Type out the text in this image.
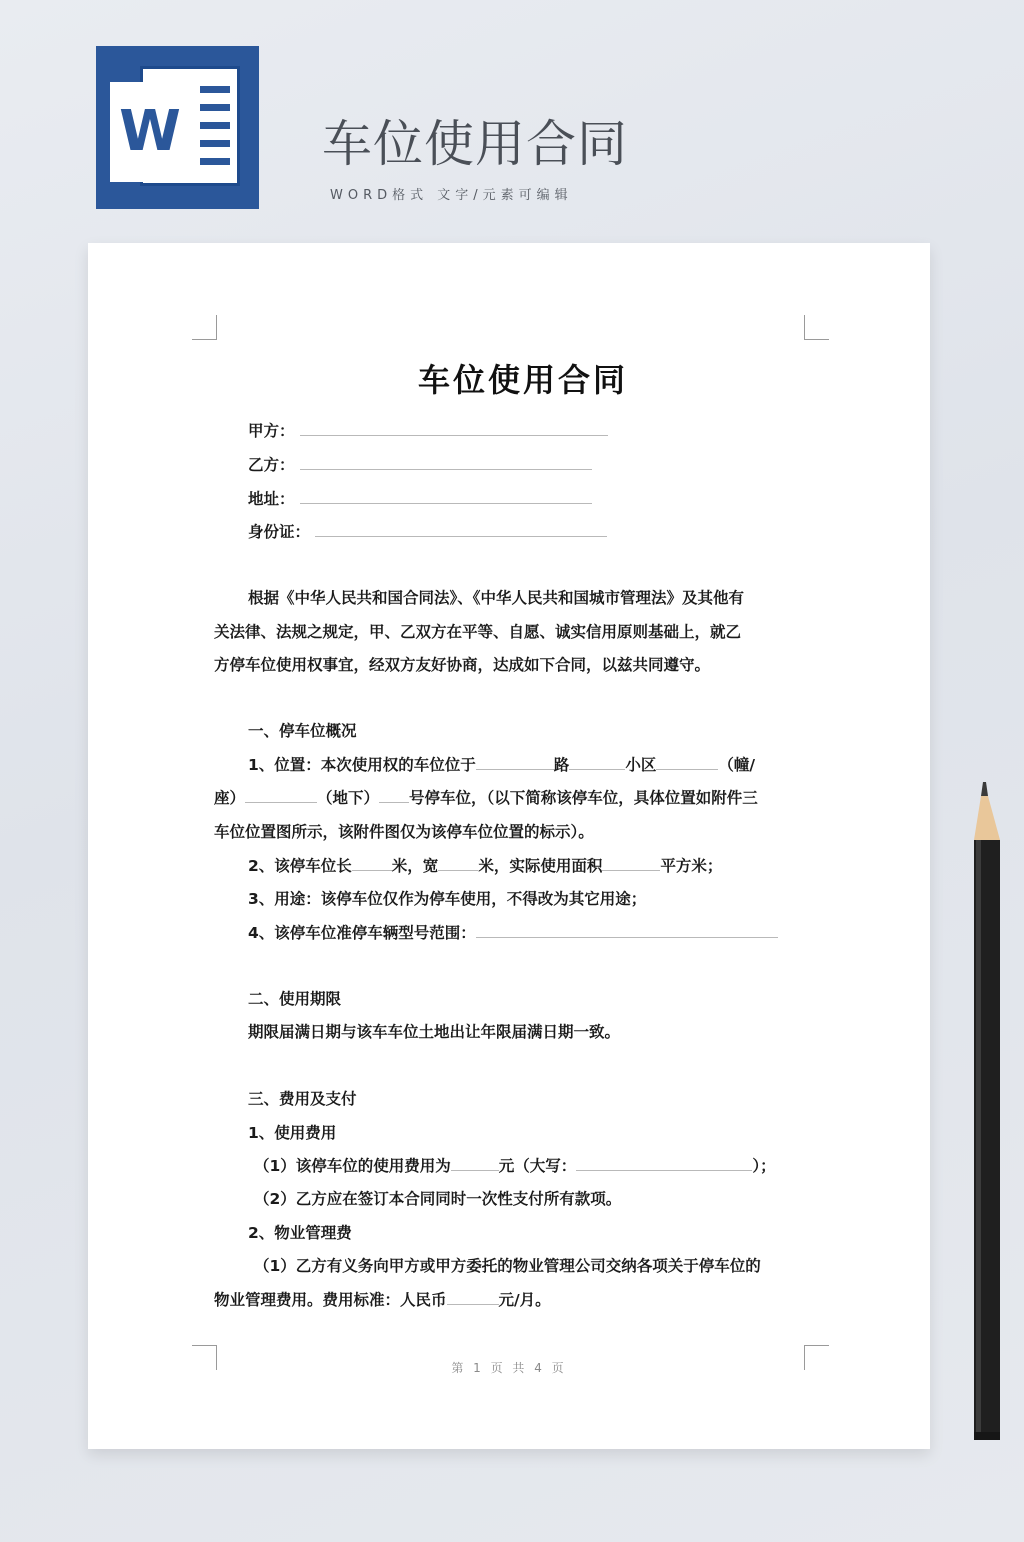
W	车位使用合同
WORD格式 文字/元素可编辑
车位使用合同
甲方：
乙方：
地址：
身份证：
根据《中华人民共和国合同法》、《中华人民共和国城市管理法》及其他有
关法律、法规之规定，甲、乙双方在平等、自愿、诚实信用原则基础上，就乙
方停车位使用权事宜，经双方友好协商，达成如下合同，以兹共同遵守。
一、停车位概况
1、位置：本次使用权的车位位于	路	小区	（幢/
座）	（地下） 号停车位，（以下简称该停车位，具体位置如附件三
车位位置图所示，该附件图仅为该停车位位置的标示）。
2、该停车位长	米，宽	米，实际使用面积	平方米；
3、用途：该停车位仅作为停车使用，不得改为其它用途；
4、该停车位准停车辆型号范围：
二、使用期限
期限届满日期与该车车位土地出让年限届满日期一致。
三、费用及支付
1、使用费用
（1）该停车位的使用费用为	元（大写：	）；
（2）乙方应在签订本合同同时一次性支付所有款项。
2、物业管理费
（1）乙方有义务向甲方或甲方委托的物业管理公司交纳各项关于停车位的
物业管理费用。费用标准：人民币	元/月。
第 1 页 共 4 页
